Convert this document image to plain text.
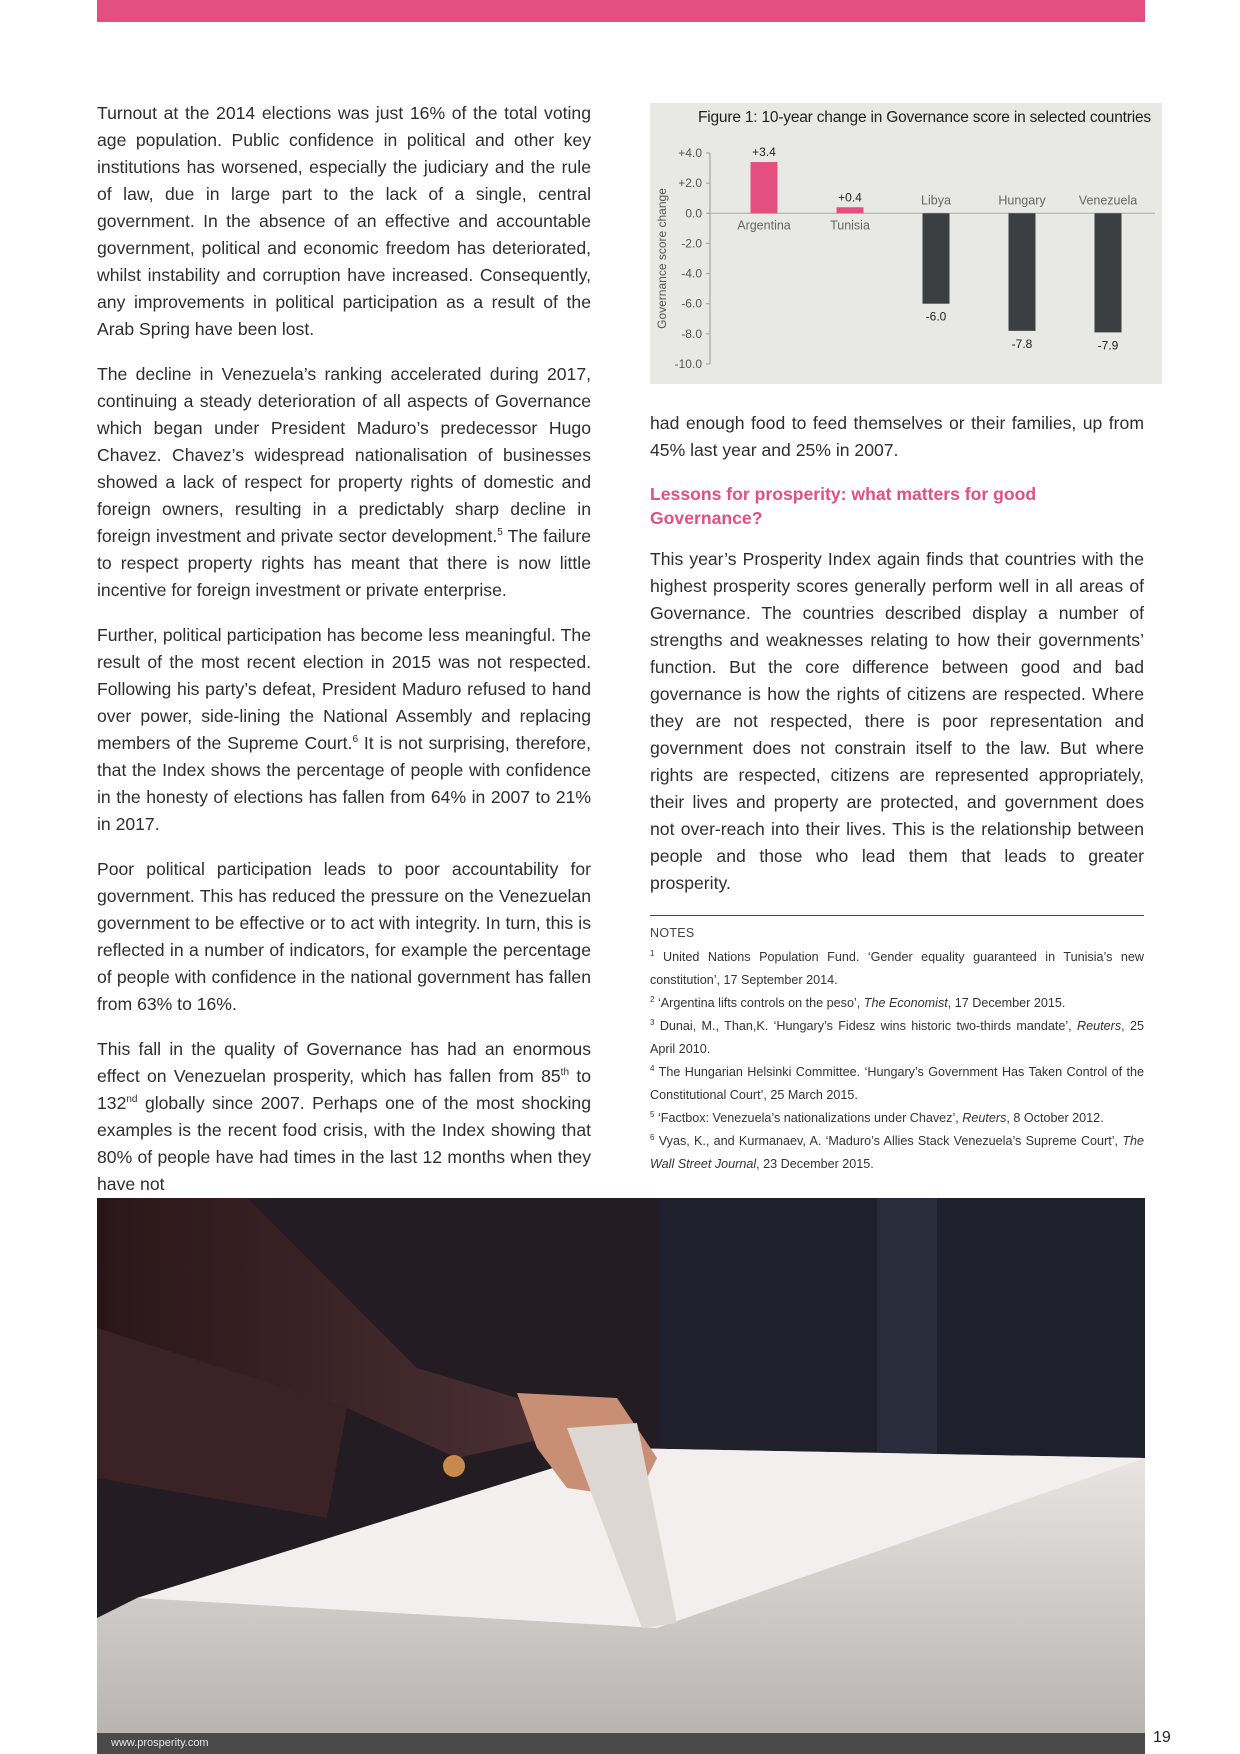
Turnout at the 2014 elections was just 16% of the total voting age population. Public confidence in political and other key institutions has worsened, especially the judiciary and the rule of law, due in large part to the lack of a single, central government. In the absence of an effective and accountable government, political and economic freedom has deteriorated, whilst instability and corruption have increased. Consequently, any improvements in political participation as a result of the Arab Spring have been lost.

The decline in Venezuela’s ranking accelerated during 2017, continuing a steady deterioration of all aspects of Governance which began under President Maduro’s predecessor Hugo Chavez. Chavez’s widespread nationalisation of businesses showed a lack of respect for property rights of domestic and foreign owners, resulting in a predictably sharp decline in foreign investment and private sector development.$^5$ The failure to respect property rights has meant that there is now little incentive for foreign investment or private enterprise.

Further, political participation has become less meaningful. The result of the most recent election in 2015 was not respected. Following his party’s defeat, President Maduro refused to hand over power, side-lining the National Assembly and replacing members of the Supreme Court.$^6$ It is not surprising, therefore, that the Index shows the percentage of people with confidence in the honesty of elections has fallen from 64% in 2007 to 21% in 2017.

Poor political participation leads to poor accountability for government. This has reduced the pressure on the Venezuelan government to be effective or to act with integrity. In turn, this is reflected in a number of indicators, for example the percentage of people with confidence in the national government has fallen from 63% to 16%.

This fall in the quality of Governance has had an enormous effect on Venezuelan prosperity, which has fallen from 85th to 132nd globally since 2007. Perhaps one of the most shocking examples is the recent food crisis, with the Index showing that 80% of people have had times in the last 12 months when they have not

Figure 1: 10-year change in Governance score in selected countries
+4.0
+2.0
0.0
-2.0
-4.0
-6.0
-8.0
-10.0
Governance score change
+3.4
Argentina
+0.4
Tunisia
-6.0
Libya
-7.8
Hungary
-7.9
Venezuela

had enough food to feed themselves or their families, up from 45% last year and 25% in 2007.

Lessons for prosperity: what matters for good Governance?

This year’s Prosperity Index again finds that countries with the highest prosperity scores generally perform well in all areas of Governance. The countries described display a number of strengths and weaknesses relating to how their governments’ function. But the core difference between good and bad governance is how the rights of citizens are respected. Where they are not respected, there is poor representation and government does not constrain itself to the law. But where rights are respected, citizens are represented appropriately, their lives and property are protected, and government does not over-reach into their lives. This is the relationship between people and those who lead them that leads to greater prosperity.

NOTES
$^1$ United Nations Population Fund. ‘Gender equality guaranteed in Tunisia’s new constitution’, 17 September 2014.
$^2$ ‘Argentina lifts controls on the peso’, The Economist, 17 December 2015.
$^3$ Dunai, M., Than,K. ‘Hungary’s Fidesz wins historic two-thirds mandate’, Reuters, 25 April 2010.
$^4$ The Hungarian Helsinki Committee. ‘Hungary’s Government Has Taken Control of the Constitutional Court’, 25 March 2015.
$^5$ ‘Factbox: Venezuela’s nationalizations under Chavez’, Reuters, 8 October 2012.
$^6$ Vyas, K., and Kurmanaev, A. ‘Maduro’s Allies Stack Venezuela’s Supreme Court’, The Wall Street Journal, 23 December 2015.
www.prosperity.com	19
